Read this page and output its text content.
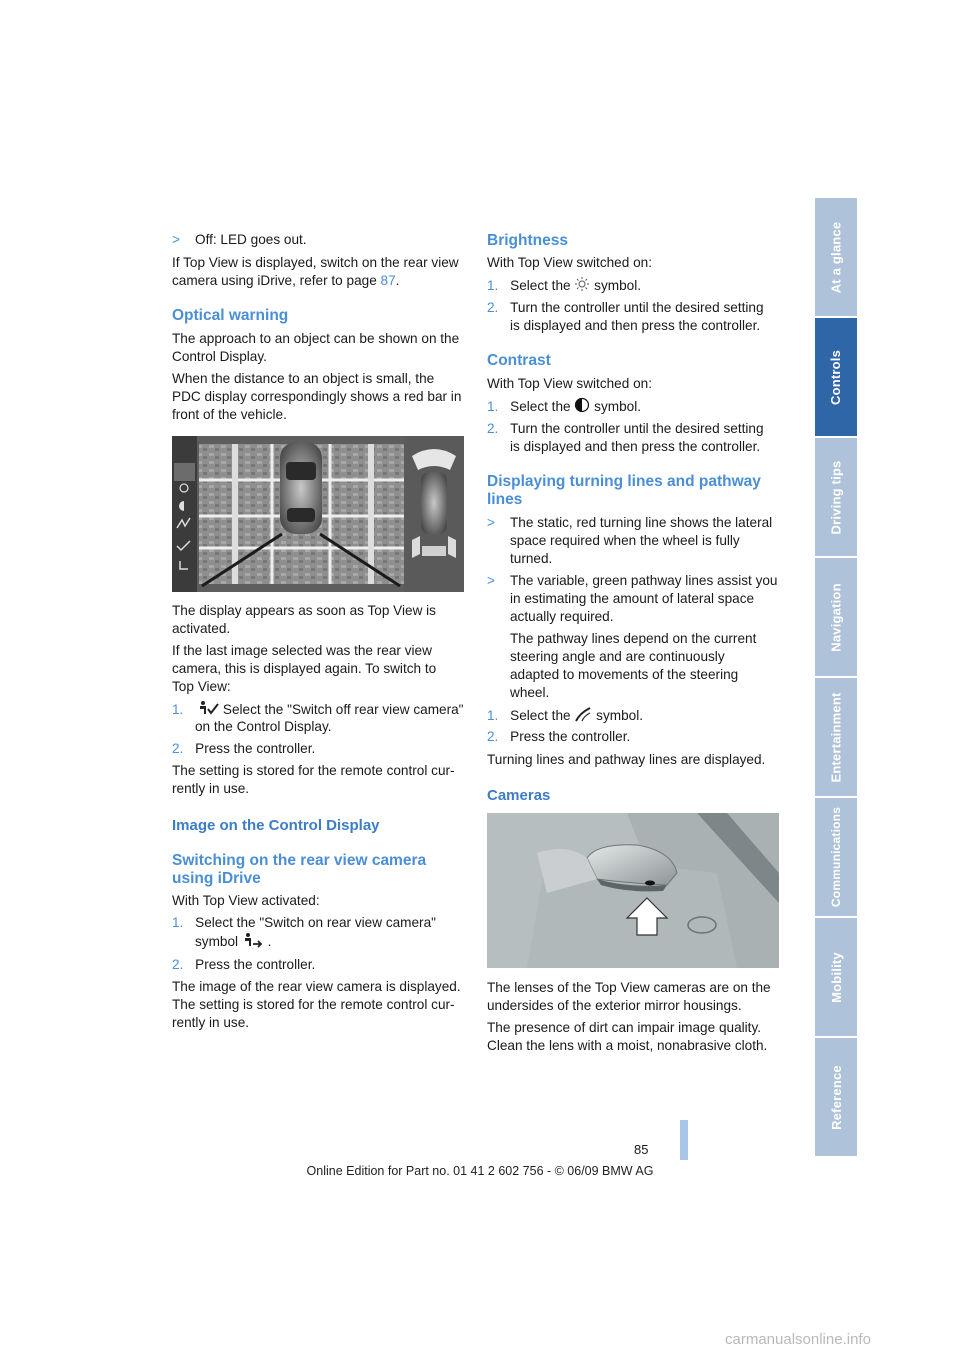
> Off: LED goes out.

If Top View is displayed, switch on the rear view

camera using iDrive, refer to page 87.

Optical warning

The approach to an object can be shown on the

Control Display.

When the distance to an object is small, the

PDC display correspondingly shows a red bar in

front of the vehicle.

The display appears as soon as Top View is

activated.

If the last image selected was the rear view

camera, this is displayed again. To switch to

Top View:

1.	Select the "Switch off rear view camera"

on the Control Display.

2. Press the controller.

The setting is stored for the remote control cur-

rently in use.

Image on the Control Display
Switching on the rear view camera
using iDrive

With Top View activated:

1. Select the "Switch on rear view camera"
symbol  .
2. Press the controller.

The image of the rear view camera is displayed.

The setting is stored for the remote control cur-

rently in use.

Brightness

With Top View switched on:

1. Select the symbol.
2. Turn the controller until the desired setting

is displayed and then press the controller.

Contrast

With Top View switched on:

1. Select the symbol.
2. Turn the controller until the desired setting

is displayed and then press the controller.

Displaying turning lines and pathway
lines
> The static, red turning line shows the lateral

space required when the wheel is fully

turned.

> The variable, green pathway lines assist you

in estimating the amount of lateral space

actually required.

The pathway lines depend on the current

steering angle and are continuously

adapted to movements of the steering

wheel.

1. Select the symbol.
2. Press the controller.

Turning lines and pathway lines are displayed.

Cameras

The lenses of the Top View cameras are on the

undersides of the exterior mirror housings.

The presence of dirt can impair image quality.

Clean the lens with a moist, nonabrasive cloth.

At a glance
Controls
Driving tips
Navigation
Entertainment
Communications
Mobility
Reference
85
Online Edition for Part no. 01 41 2 602 756 - © 06/09 BMW AG
carmanualsonline.info
